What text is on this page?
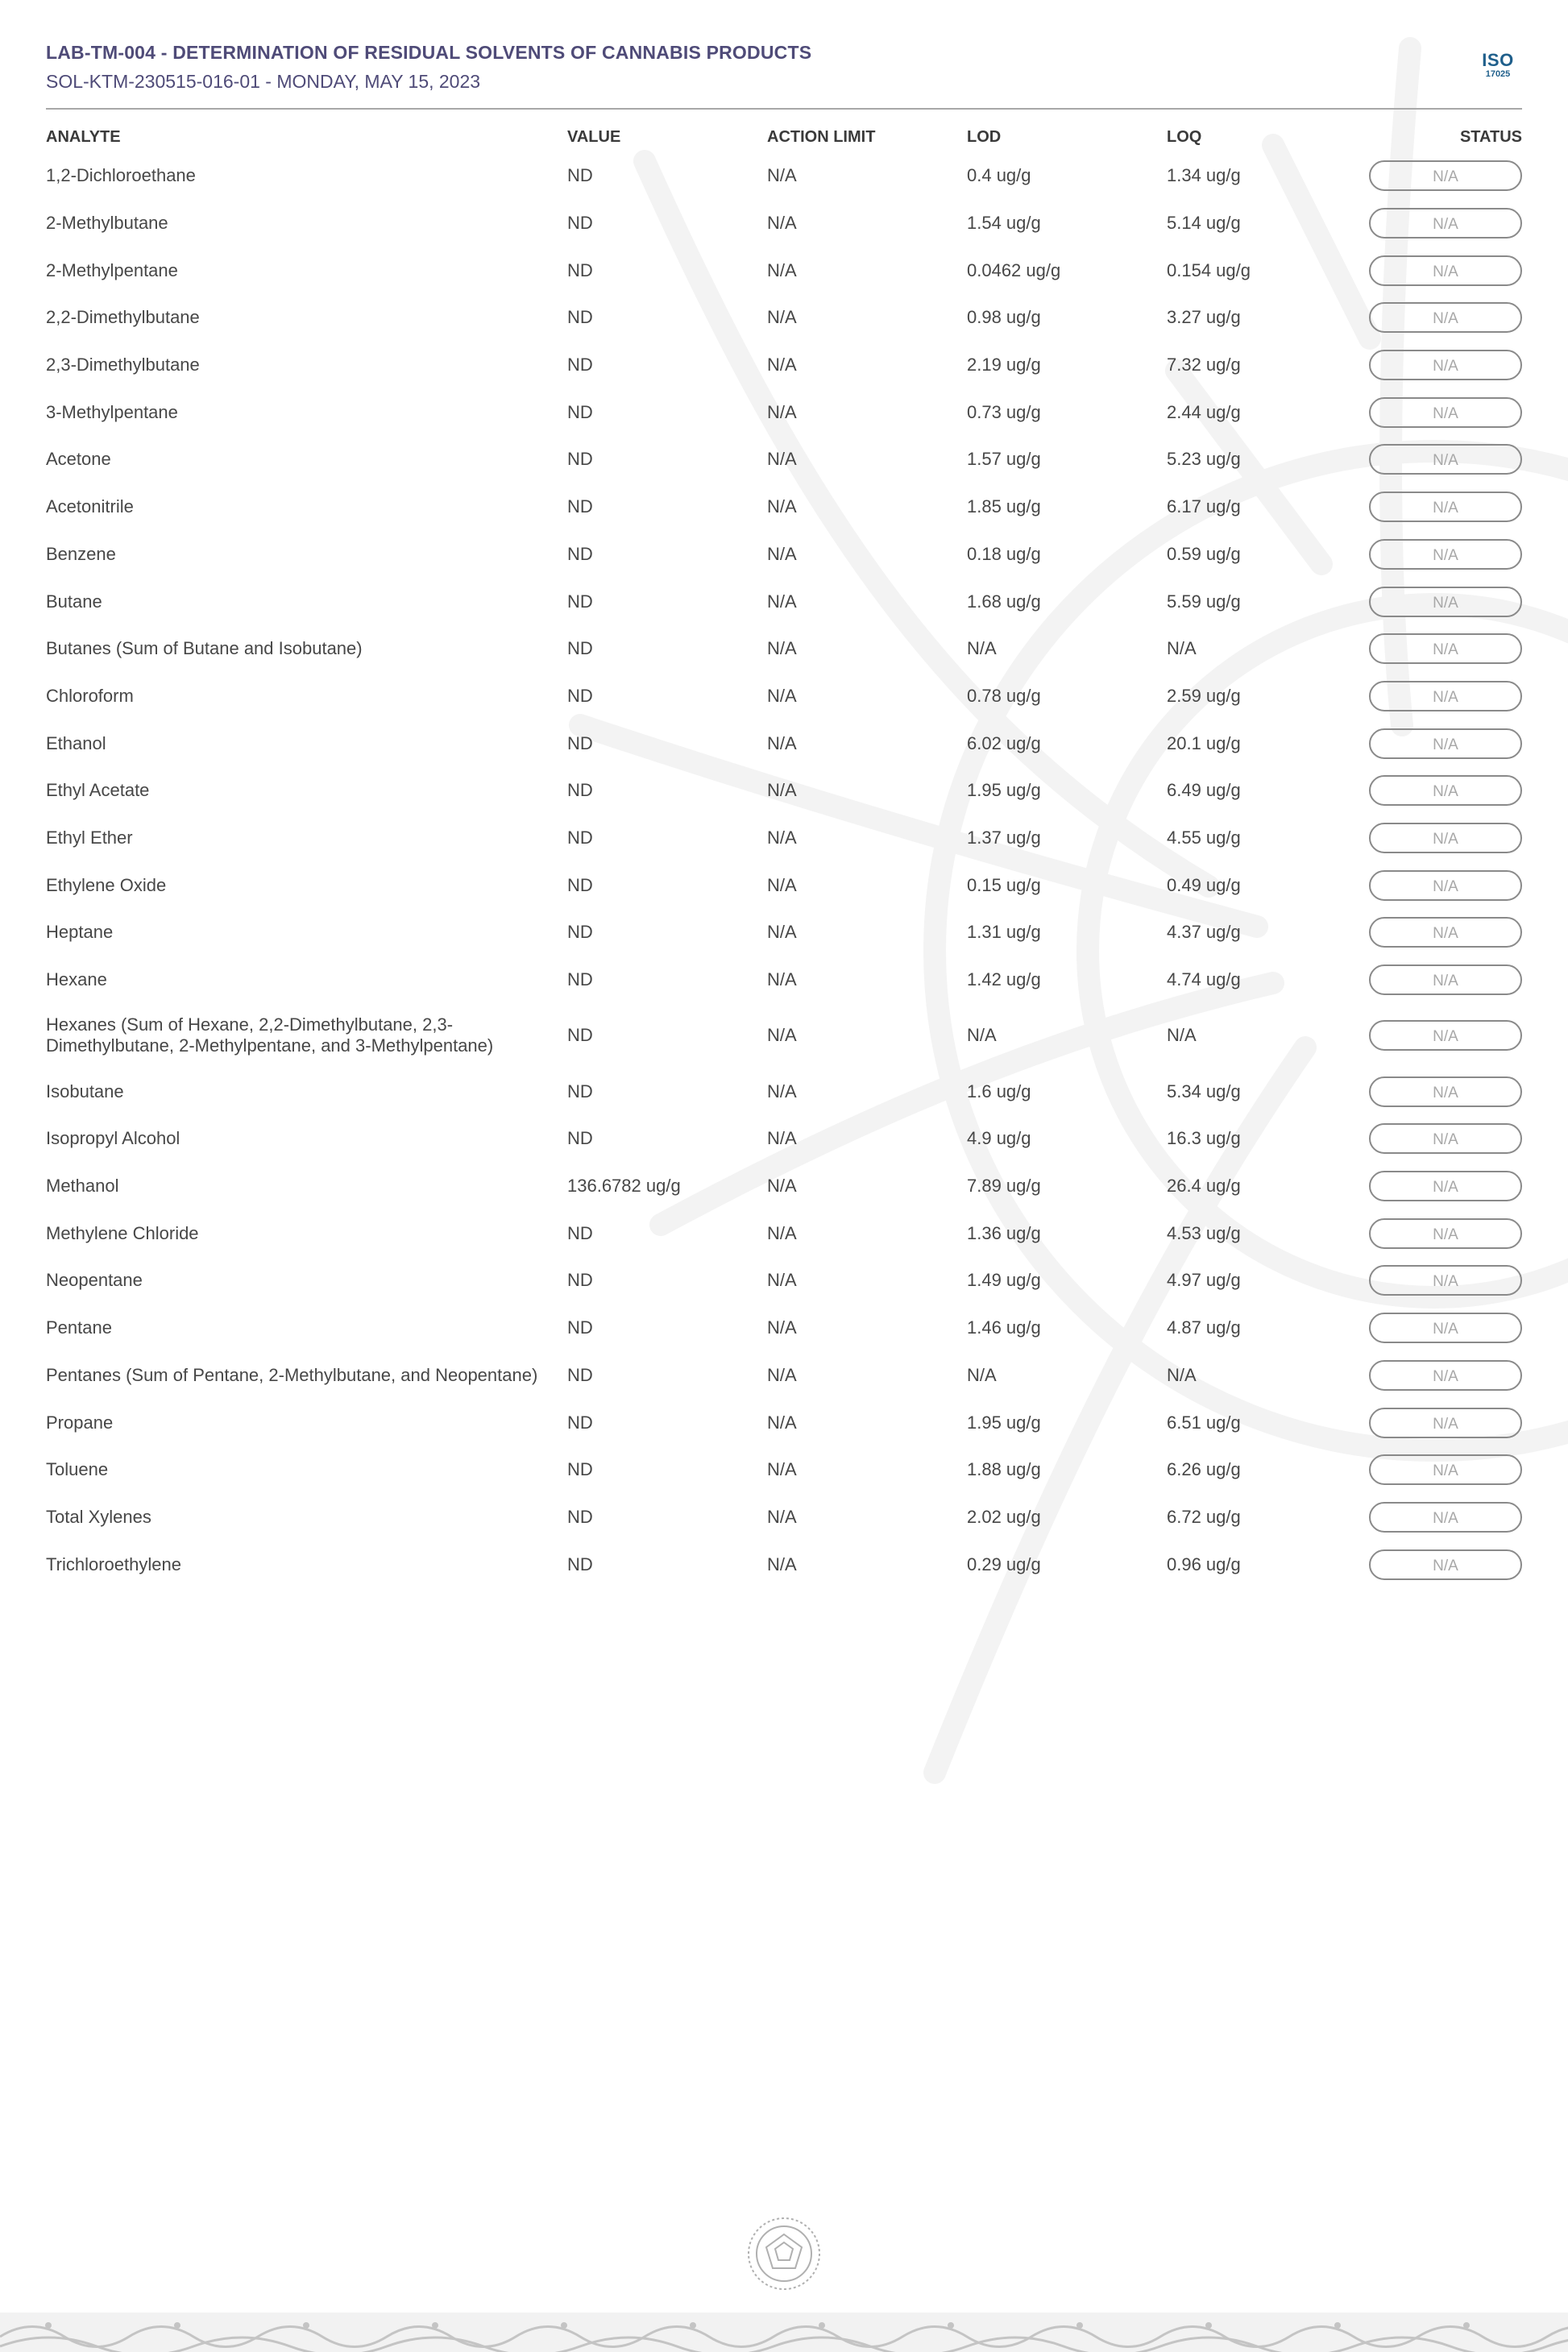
LAB-TM-004 - DETERMINATION OF RESIDUAL SOLVENTS OF CANNABIS PRODUCTS
SOL-KTM-230515-016-01 - MONDAY, MAY 15, 2023
ISO
17025
ANALYTE	VALUE	ACTION LIMIT	LOD	LOQ	STATUS
1,2-Dichloroethane	ND	N/A	0.4 ug/g	1.34 ug/g	N/A
2-Methylbutane	ND	N/A	1.54 ug/g	5.14 ug/g	N/A
2-Methylpentane	ND	N/A	0.0462 ug/g	0.154 ug/g	N/A
2,2-Dimethylbutane	ND	N/A	0.98 ug/g	3.27 ug/g	N/A
2,3-Dimethylbutane	ND	N/A	2.19 ug/g	7.32 ug/g	N/A
3-Methylpentane	ND	N/A	0.73 ug/g	2.44 ug/g	N/A
Acetone	ND	N/A	1.57 ug/g	5.23 ug/g	N/A
Acetonitrile	ND	N/A	1.85 ug/g	6.17 ug/g	N/A
Benzene	ND	N/A	0.18 ug/g	0.59 ug/g	N/A
Butane	ND	N/A	1.68 ug/g	5.59 ug/g	N/A
Butanes (Sum of Butane and Isobutane)	ND	N/A	N/A	N/A	N/A
Chloroform	ND	N/A	0.78 ug/g	2.59 ug/g	N/A
Ethanol	ND	N/A	6.02 ug/g	20.1 ug/g	N/A
Ethyl Acetate	ND	N/A	1.95 ug/g	6.49 ug/g	N/A
Ethyl Ether	ND	N/A	1.37 ug/g	4.55 ug/g	N/A
Ethylene Oxide	ND	N/A	0.15 ug/g	0.49 ug/g	N/A
Heptane	ND	N/A	1.31 ug/g	4.37 ug/g	N/A
Hexane	ND	N/A	1.42 ug/g	4.74 ug/g	N/A
Hexanes (Sum of Hexane, 2,2-Dimethylbutane, 2,3-Dimethylbutane, 2-Methylpentane, and 3-Methylpentane)	ND	N/A	N/A	N/A	N/A
Isobutane	ND	N/A	1.6 ug/g	5.34 ug/g	N/A
Isopropyl Alcohol	ND	N/A	4.9 ug/g	16.3 ug/g	N/A
Methanol	136.6782 ug/g	N/A	7.89 ug/g	26.4 ug/g	N/A
Methylene Chloride	ND	N/A	1.36 ug/g	4.53 ug/g	N/A
Neopentane	ND	N/A	1.49 ug/g	4.97 ug/g	N/A
Pentane	ND	N/A	1.46 ug/g	4.87 ug/g	N/A
Pentanes (Sum of Pentane, 2-Methylbutane, and Neopentane)	ND	N/A	N/A	N/A	N/A
Propane	ND	N/A	1.95 ug/g	6.51 ug/g	N/A
Toluene	ND	N/A	1.88 ug/g	6.26 ug/g	N/A
Total Xylenes	ND	N/A	2.02 ug/g	6.72 ug/g	N/A
Trichloroethylene	ND	N/A	0.29 ug/g	0.96 ug/g	N/A
